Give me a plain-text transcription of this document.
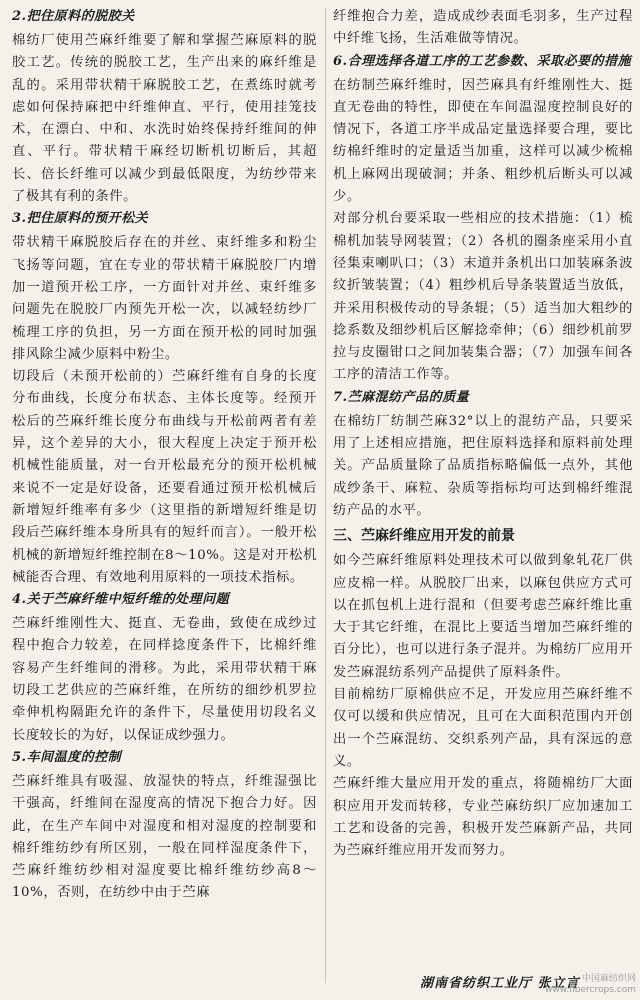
2.把住原料的脱胶关

棉纺厂使用苎麻纤维要了解和掌握苎麻原料的脱胶工艺。传统的脱胶工艺，生产出来的麻纤维是乱的。采用带状精干麻脱胶工艺，在煮练时就考虑如何保持麻把中纤维伸直、平行，使用挂笼技术，在漂白、中和、水洗时始终保持纤维间的伸直、平行。带状精干麻经切断机切断后，其超长、倍长纤维可以减少到最低限度，为纺纱带来了极其有利的条件。

3.把住原料的预开松关

带状精干麻脱胶后存在的并丝、束纤维多和粉尘飞扬等问题，宜在专业的带状精干麻脱胶厂内增加一道预开松工序，一方面针对并丝、束纤维多问题先在脱胶厂内预先开松一次，以减轻纺纱厂梳理工序的负担，另一方面在预开松的同时加强排风除尘减少原料中粉尘。

切段后（未预开松前的）苎麻纤维有自身的长度分布曲线，长度分布状态、主体长度等。经预开松后的苎麻纤维长度分布曲线与开松前两者有差异，这个差异的大小，很大程度上决定于预开松机械性能质量，对一台开松最充分的预开松机械来说不一定是好设备，还要看通过预开松机械后新增短纤维率有多少（这里指的新增短纤维是切段后苎麻纤维本身所具有的短纤而言）。一般开松机械的新增短纤维控制在8～10%。这是对开松机械能否合理、有效地利用原料的一项技术指标。

4.关于苎麻纤维中短纤维的处理问题

苎麻纤维刚性大、挺直、无卷曲，致使在成纱过程中抱合力较差，在同样捻度条件下，比棉纤维容易产生纤维间的滑移。为此，采用带状精干麻切段工艺供应的苎麻纤维，在所纺的细纱机罗拉牵伸机构隔距允许的条件下，尽量使用切段名义长度较长的为好，以保证成纱强力。

5.车间温度的控制

苎麻纤维具有吸湿、放湿快的特点，纤维湿强比干强高，纤维间在湿度高的情况下抱合力好。因此，在生产车间中对湿度和相对湿度的控制要和棉纤维纺纱有所区别，一般在同样湿度条件下，苎麻纤维纺纱相对湿度要比棉纤维纺纱高8～10%，否则，在纺纱中由于苎麻

纤维抱合力差，造成成纱表面毛羽多，生产过程中纤维飞扬，生活难做等情况。

6.合理选择各道工序的工艺参数、采取必要的措施

在纺制苎麻纤维时，因苎麻具有纤维刚性大、挺直无卷曲的特性，即使在车间温湿度控制良好的情况下，各道工序半成品定量选择要合理，要比纺棉纤维时的定量适当加重，这样可以减少梳棉机上麻网出现破洞；并条、粗纱机后断头可以减少。

对部分机台要采取一些相应的技术措施：（1）梳棉机加装导网装置；（2）各机的圈条座采用小直径集束喇叭口；（3）末道并条机出口加装麻条波纹折皱装置；（4）粗纱机后导条装置适当放低，并采用积极传动的导条辊；（5）适当加大粗纱的捻系数及细纱机后区解捻牵伸；（6）细纱机前罗拉与皮圈钳口之间加装集合器；（7）加强车间各工序的清洁工作等。

7.苎麻混纺产品的质量

在棉纺厂纺制苎麻32°以上的混纺产品，只要采用了上述相应措施，把住原料选择和原料前处理关。产品质量除了品质指标略偏低一点外，其他成纱条干、麻粒、杂质等指标均可达到棉纤维混纺产品的水平。

三、苎麻纤维应用开发的前景

如今苎麻纤维原料处理技术可以做到象轧花厂供应皮棉一样。从脱胶厂出来，以麻包供应方式可以在抓包机上进行混和（但要考虑苎麻纤维比重大于其它纤维，在混比上要适当增加苎麻纤维的百分比），也可以进行条子混并。为棉纺厂应用开发苎麻混纺系列产品提供了原料条件。

目前棉纺厂原棉供应不足，开发应用苎麻纤维不仅可以缓和供应情况，且可在大面积范围内开创出一个苎麻混纺、交织系列产品，具有深远的意义。

苎麻纤维大量应用开发的重点，将随棉纺厂大面积应用开发而转移，专业苎麻纺织厂应加速加工工艺和设备的完善，积极开发苎麻新产品，共同为苎麻纤维应用开发而努力。

湖南省纺织工业厅 张立言 中国麻纺织网
www.fibercrops.com
